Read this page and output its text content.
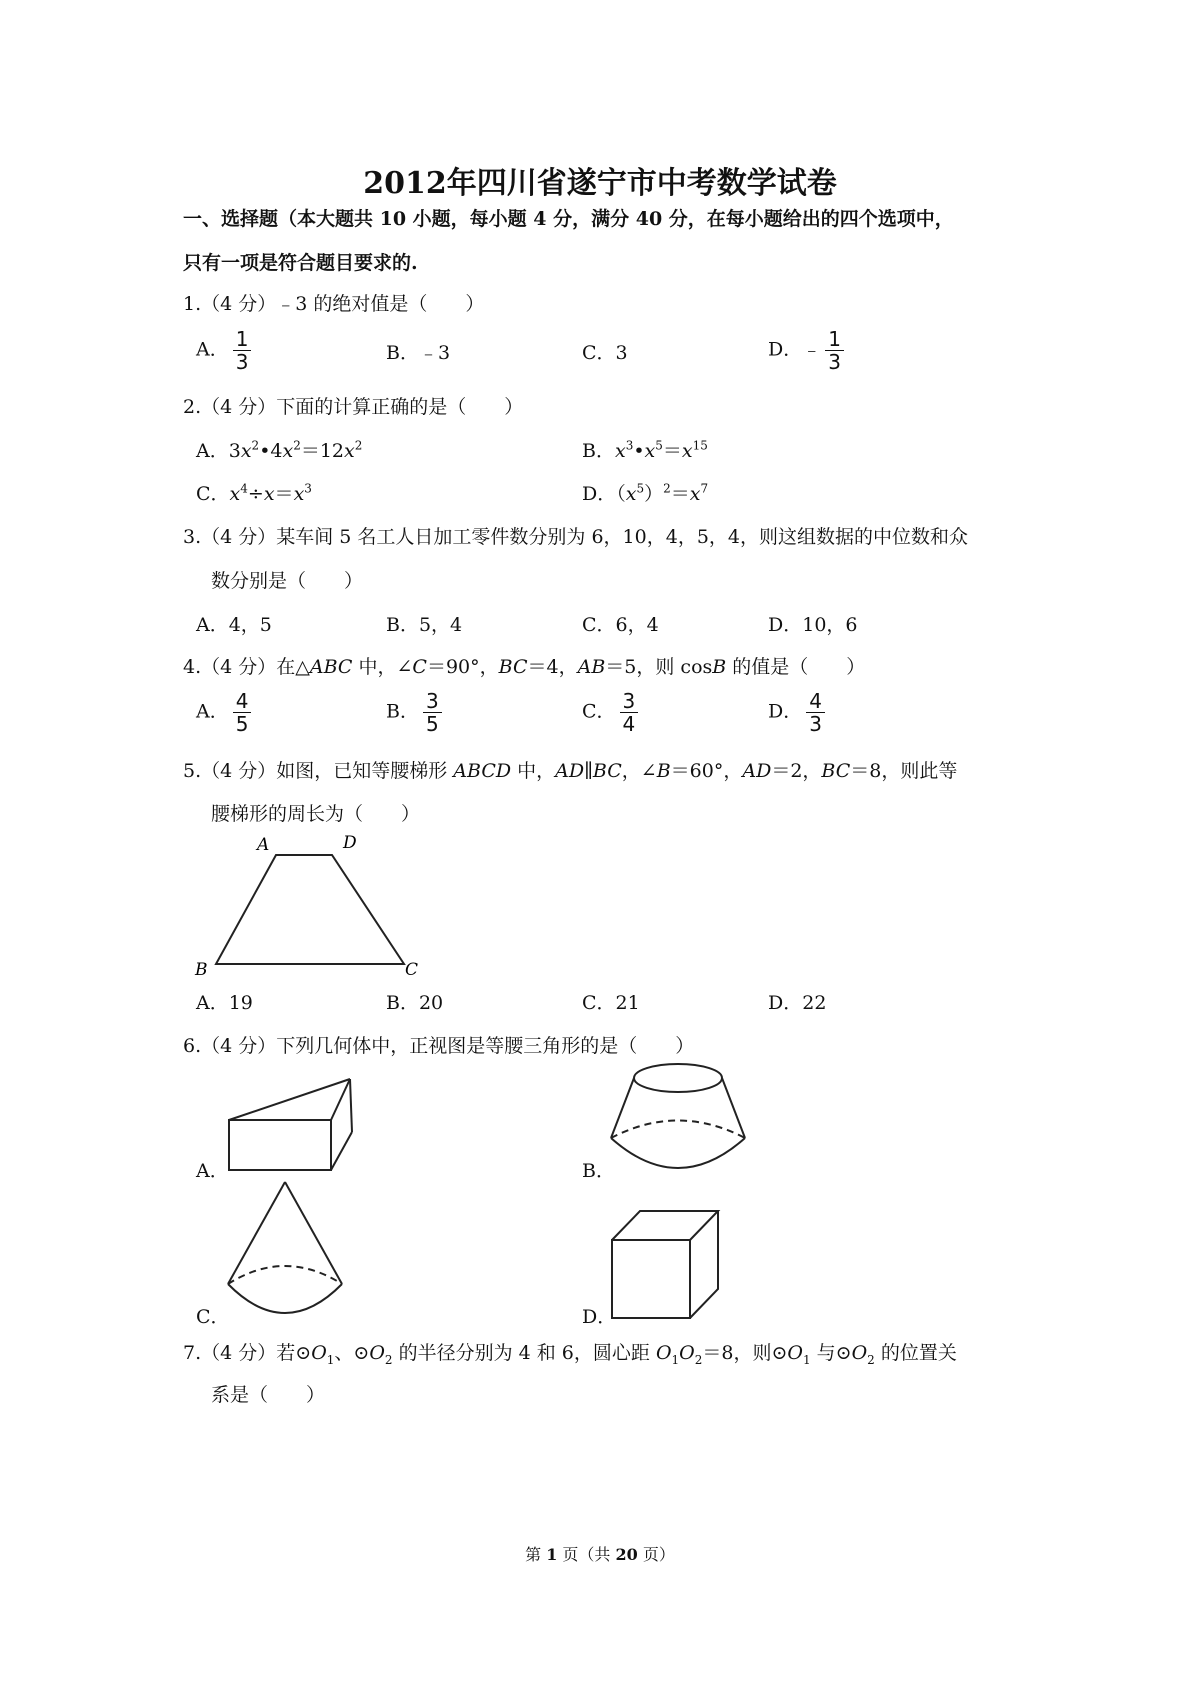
2012年四川省遂宁市中考数学试卷
一、选择题（本大题共 10 小题，每小题 4 分，满分 40 分，在每小题给出的四个选项中，
只有一项是符合题目要求的.
1.（4 分）﹣3 的绝对值是（　　）
A． $\frac{1}{3}$	B．﹣3	C．3	D．﹣ $\frac{1}{3}$
2.（4 分）下面的计算正确的是（　　）
A．$3x^2•4x^2=12x^2$	B．$x^3•x^5=x^{15}$
C．$x^4\div x=x^3$	D．$(x^5)^2=x^7$
3.（4 分）某车间 5 名工人日加工零件数分别为 6，10，4，5，4，则这组数据的中位数和众
数分别是（　　）
A．4，5	B．5，4	C．6，4	D．10，6
4.（4 分）在△ABC 中，∠C＝90°，BC＝4，AB＝5，则 cosB 的值是（　　）
A． $\frac{4}{5}$	B． $\frac{3}{5}$	C． $\frac{3}{4}$	D． $\frac{4}{3}$
5.（4 分）如图，已知等腰梯形 ABCD 中，AD∥BC，∠B＝60°，AD＝2，BC＝8，则此等
腰梯形的周长为（　　）
A	D
B	C
A．19	B．20	C．21	D．22
6.（4 分）下列几何体中，正视图是等腰三角形的是（　　）
A．	B．
C．	D．
7.（4 分）若$⊙O_1$、$⊙O_2$ 的半径分别为 4 和 6，圆心距 $O_1O_2=8$，则$⊙O_1$ 与$⊙O_2$ 的位置关
系是（　　）
第 1 页（共 20 页）
